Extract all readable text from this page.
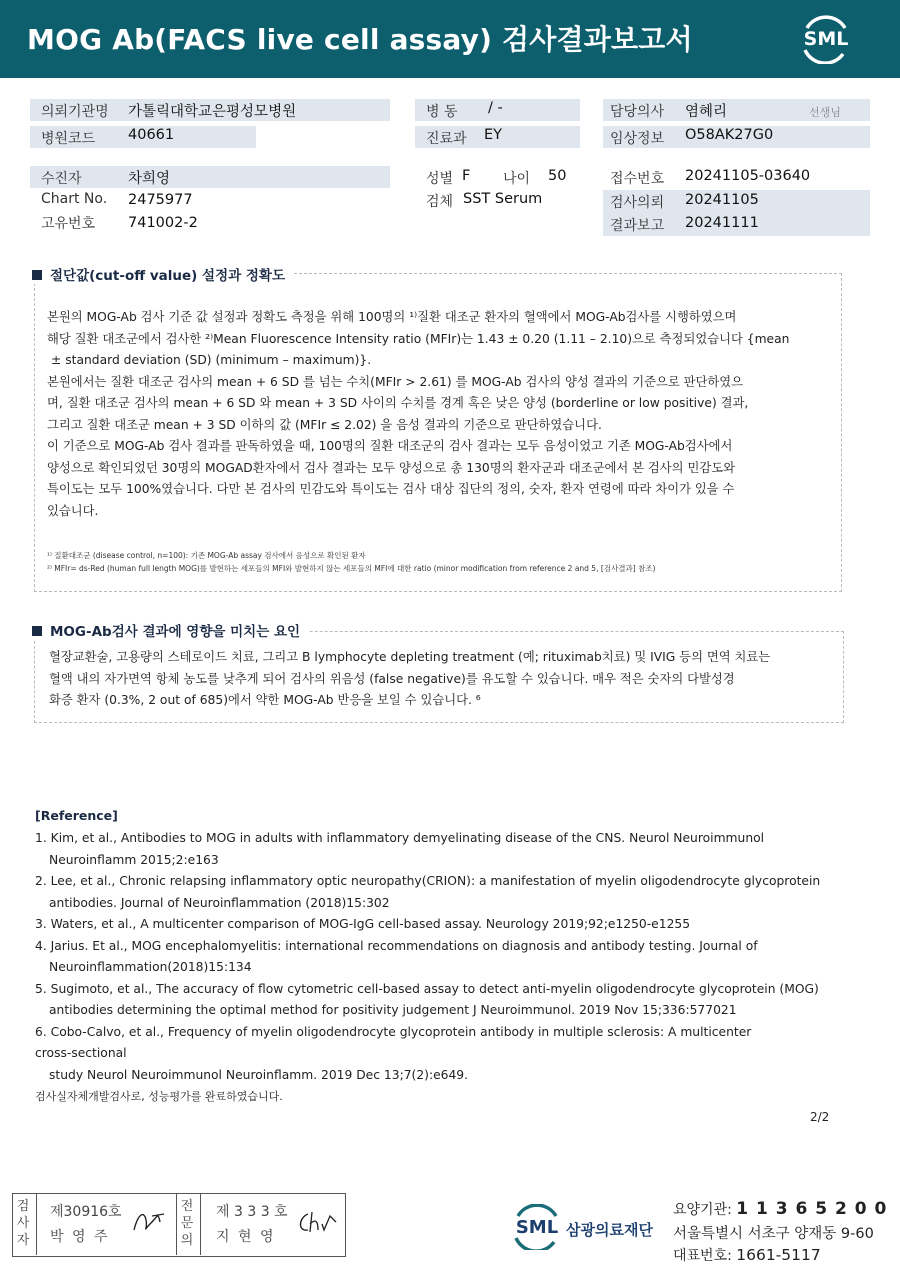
MOG Ab(FACS live cell assay) 검사결과보고서	SML
의뢰기관명 가톨릭대학교은평성모병원
병원코드 40661
병 동 / -
진료과 EY
담당의사 염혜리	선생님
임상정보 O58AK27G0
수진자	차희영
Chart No. 2475977
고유번호 741002-2
성별 F 나이 50
검체 SST Serum
접수번호 20241105-03640
검사의뢰 20241105
결과보고 20241111
절단값(cut-off value) 설정과 정확도

본원의 MOG-Ab 검사 기준 값 설정과 정확도 측정을 위해 100명의 ¹⁾질환 대조군 환자의 혈액에서 MOG-Ab검사를 시행하였으며

해당 질환 대조군에서 검사한 ²⁾Mean Fluorescence Intensity ratio (MFIr)는 1.43 ± 0.20 (1.11 – 2.10)으로 측정되었습니다 {mean

± standard deviation (SD) (minimum – maximum)}.

본원에서는 질환 대조군 검사의 mean + 6 SD 를 넘는 수치(MFIr > 2.61) 를 MOG-Ab 검사의 양성 결과의 기준으로 판단하였으

며, 질환 대조군 검사의 mean + 6 SD 와 mean + 3 SD 사이의 수치를 경계 혹은 낮은 양성 (borderline or low positive) 결과,

그리고 질환 대조군 mean + 3 SD 이하의 값 (MFIr ≤ 2.02) 을 음성 결과의 기준으로 판단하였습니다.

이 기준으로 MOG-Ab 검사 결과를 판독하였을 때, 100명의 질환 대조군의 검사 결과는 모두 음성이었고 기존 MOG-Ab검사에서

양성으로 확인되었던 30명의 MOGAD환자에서 검사 결과는 모두 양성으로 총 130명의 환자군과 대조군에서 본 검사의 민감도와

특이도는 모두 100%였습니다. 다만 본 검사의 민감도와 특이도는 검사 대상 집단의 정의, 숫자, 환자 연령에 따라 차이가 있을 수

있습니다.

¹⁾ 질환대조군 (disease control, n=100): 기존 MOG-Ab assay 검사에서 음성으로 확인된 환자
²⁾ MFIr= ds-Red (human full length MOG)를 발현하는 세포들의 MFI와 발현하지 않는 세포들의 MFI에 대한 ratio (minor modification from reference 2 and 5, [검사결과] 참조)
MOG-Ab검사 결과에 영향을 미치는 요인

혈장교환술, 고용량의 스테로이드 치료, 그리고 B lymphocyte depleting treatment (예; rituximab치료) 및 IVIG 등의 면역 치료는

혈액 내의 자가면역 항체 농도를 낮추게 되어 검사의 위음성 (false negative)를 유도할 수 있습니다. 매우 적은 숫자의 다발성경

화증 환자 (0.3%, 2 out of 685)에서 약한 MOG-Ab 반응을 보일 수 있습니다. ⁶

[Reference]
1. Kim, et al., Antibodies to MOG in adults with inflammatory demyelinating disease of the CNS. Neurol Neuroimmunol
Neuroinflamm 2015;2:e163
2. Lee, et al., Chronic relapsing inflammatory optic neuropathy(CRION): a manifestation of myelin oligodendrocyte glycoprotein
antibodies. Journal of Neuroinflammation (2018)15:302
3. Waters, et al., A multicenter comparison of MOG-IgG cell-based assay. Neurology 2019;92;e1250-e1255
4. Jarius. Et al., MOG encephalomyelitis: international recommendations on diagnosis and antibody testing. Journal of
Neuroinflammation(2018)15:134
5. Sugimoto, et al., The accuracy of flow cytometric cell-based assay to detect anti-myelin oligodendrocyte glycoprotein (MOG)
antibodies determining the optimal method for positivity judgement J Neuroimmunol. 2019 Nov 15;336:577021
6. Cobo-Calvo, et al., Frequency of myelin oligodendrocyte glycoprotein antibody in multiple sclerosis: A multicenter
cross-sectional
study Neurol Neuroimmunol Neuroinflamm. 2019 Dec 13;7(2):e649.
검사실자체개발검사로, 성능평가를 완료하였습니다.
2/2
검사자
제30916호
박 영 주
전문의
제 3 3 3 호
지 현 영	SML 삼광의료재단
요양기관: 1 1 3 6 5 2 0 0
서울특별시 서초구 양재동 9-60
대표번호: 1661-5117
